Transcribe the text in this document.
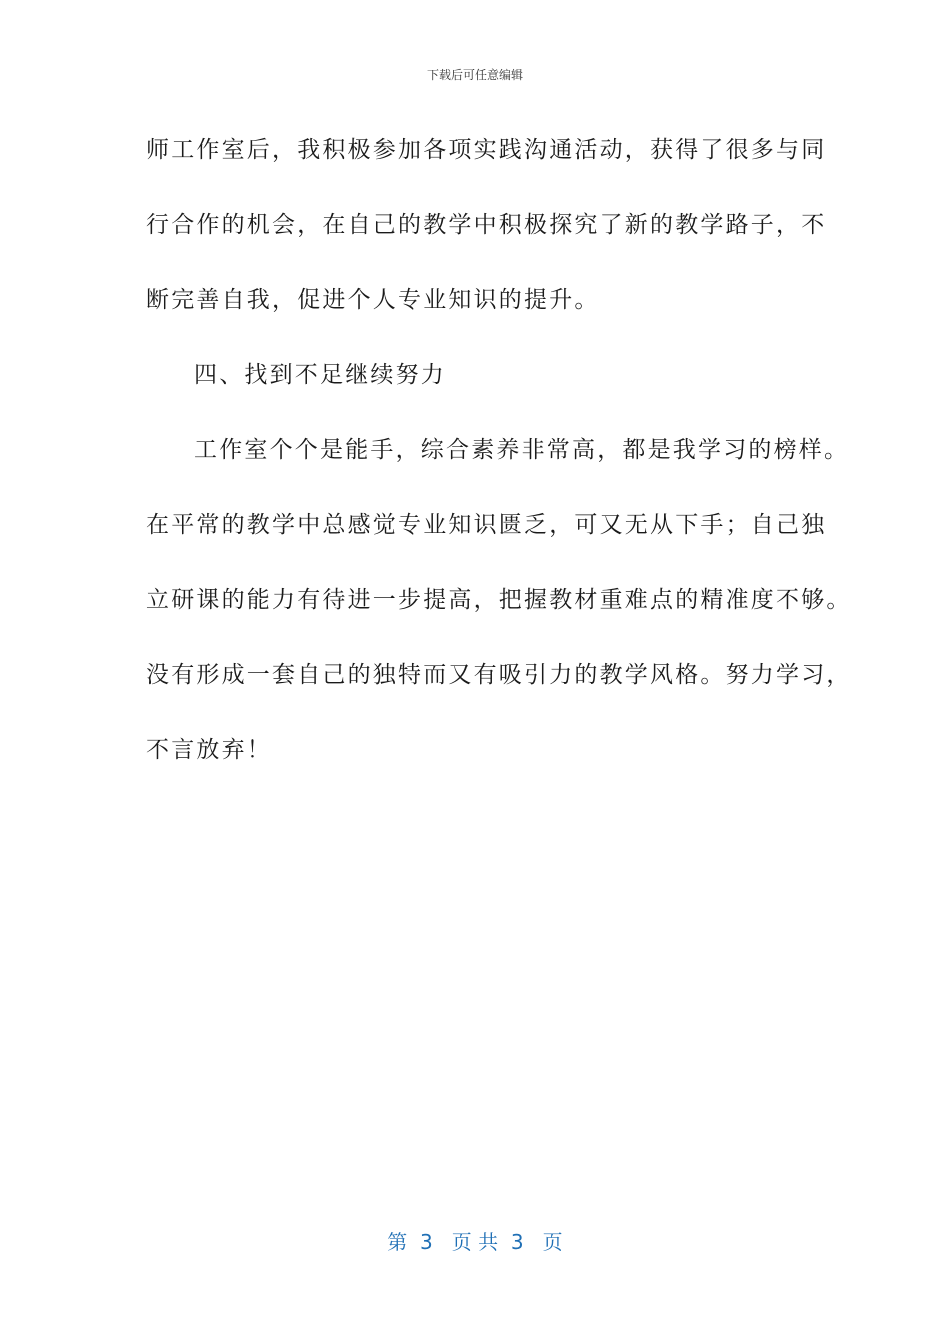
下载后可任意编辑
师工作室后，我积极参加各项实践沟通活动，获得了很多与同
行合作的机会，在自己的教学中积极探究了新的教学路子，不
断完善自我，促进个人专业知识的提升。
四、找到不足继续努力
工作室个个是能手，综合素养非常高，都是我学习的榜样。
在平常的教学中总感觉专业知识匮乏，可又无从下手；自己独
立研课的能力有待进一步提高，把握教材重难点的精准度不够。
没有形成一套自己的独特而又有吸引力的教学风格。努力学习，
不言放弃！
第  3   页 共  3   页
